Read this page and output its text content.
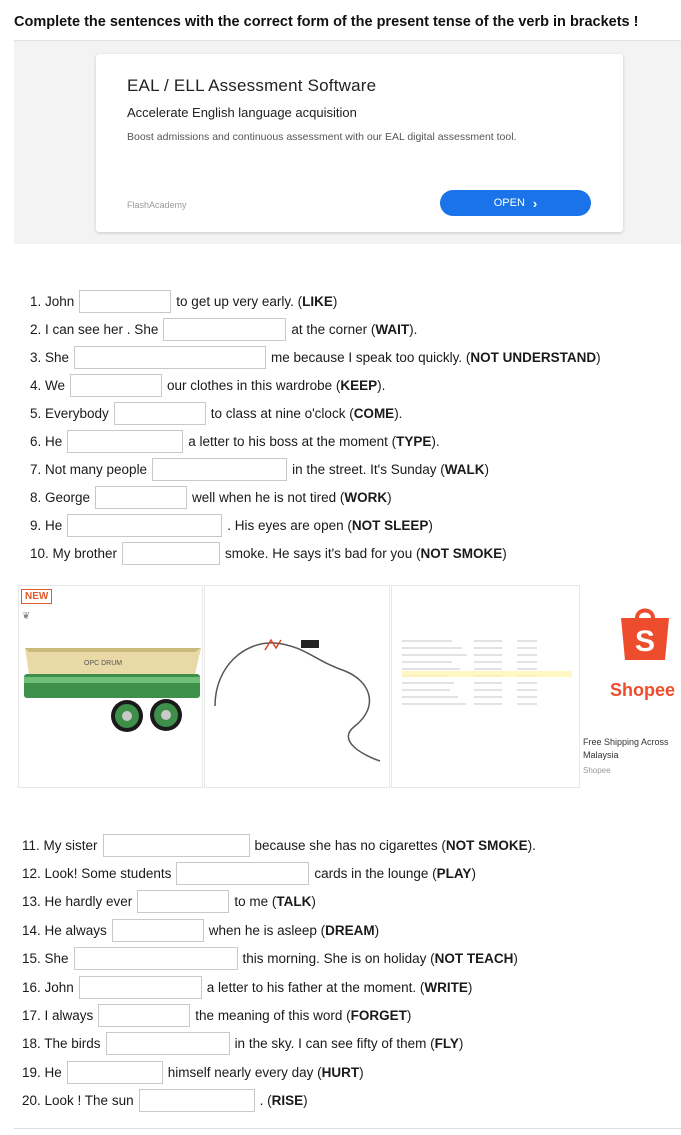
Complete the sentences with the correct form of the present tense of the verb in brackets !
EAL / ELL Assessment Software
Accelerate English language acquisition
Boost admissions and continuous assessment with our EAL digital assessment tool.
FlashAcademy	OPEN ›
1. John	to get up very early. ( LIKE )
2. I can see her . She	at the corner ( WAIT ).
3. She	me because I speak too quickly. ( NOT UNDERSTAND )
4. We	our clothes in this wardrobe ( KEEP ).
5. Everybody	to class at nine o'clock ( COME ).
6. He	a letter to his boss at the moment ( TYPE ).
7. Not many people	in the street. It's Sunday ( WALK )
8. George	well when he is not tired ( WORK )
9. He	. His eyes are open ( NOT SLEEP )
10. My brother	smoke. He says it's bad for you ( NOT SMOKE )
OPC DRUM
NEW
❦
S
Shopee
Free Shipping Across
Malaysia
Shopee
11. My sister	because she has no cigarettes ( NOT SMOKE ).
12. Look! Some students	cards in the lounge ( PLAY )
13. He hardly ever	to me ( TALK )
14. He always	when he is asleep ( DREAM )
15. She	this morning. She is on holiday ( NOT TEACH )
16. John	a letter to his father at the moment. ( WRITE )
17. I always	the meaning of this word ( FORGET )
18. The birds	in the sky. I can see fifty of them ( FLY )
19. He	himself nearly every day ( HURT )
20. Look ! The sun	. ( RISE )
